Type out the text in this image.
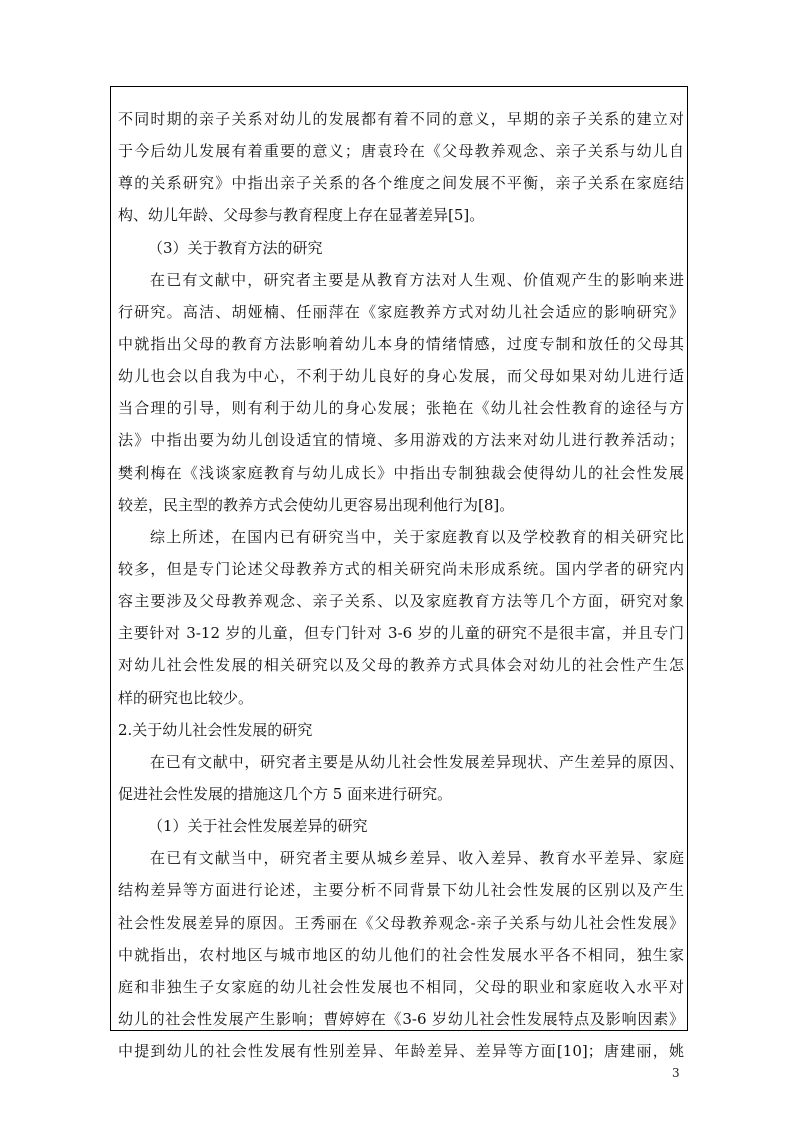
不同时期的亲子关系对幼儿的发展都有着不同的意义，早期的亲子关系的建立对
于今后幼儿发展有着重要的意义；唐袁玲在《父母教养观念、亲子关系与幼儿自
尊的关系研究》中指出亲子关系的各个维度之间发展不平衡，亲子关系在家庭结
构、幼儿年龄、父母参与教育程度上存在显著差异[5]。
（3）关于教育方法的研究
在已有文献中，研究者主要是从教育方法对人生观、价值观产生的影响来进
行研究。高洁、胡娅楠、任丽萍在《家庭教养方式对幼儿社会适应的影响研究》
中就指出父母的教育方法影响着幼儿本身的情绪情感，过度专制和放任的父母其
幼儿也会以自我为中心，不利于幼儿良好的身心发展，而父母如果对幼儿进行适
当合理的引导，则有利于幼儿的身心发展；张艳在《幼儿社会性教育的途径与方
法》中指出要为幼儿创设适宜的情境、多用游戏的方法来对幼儿进行教养活动；
樊利梅在《浅谈家庭教育与幼儿成长》中指出专制独裁会使得幼儿的社会性发展
较差，民主型的教养方式会使幼儿更容易出现利他行为[8]。
综上所述，在国内已有研究当中，关于家庭教育以及学校教育的相关研究比
较多，但是专门论述父母教养方式的相关研究尚未形成系统。国内学者的研究内
容主要涉及父母教养观念、亲子关系、以及家庭教育方法等几个方面，研究对象
主要针对 3-12 岁的儿童，但专门针对 3-6 岁的儿童的研究不是很丰富，并且专门
对幼儿社会性发展的相关研究以及父母的教养方式具体会对幼儿的社会性产生怎
样的研究也比较少。
2.关于幼儿社会性发展的研究
在已有文献中，研究者主要是从幼儿社会性发展差异现状、产生差异的原因、
促进社会性发展的措施这几个方 5 面来进行研究。
（1）关于社会性发展差异的研究
在已有文献当中，研究者主要从城乡差异、收入差异、教育水平差异、家庭
结构差异等方面进行论述，主要分析不同背景下幼儿社会性发展的区别以及产生
社会性发展差异的原因。王秀丽在《父母教养观念-亲子关系与幼儿社会性发展》
中就指出，农村地区与城市地区的幼儿他们的社会性发展水平各不相同，独生家
庭和非独生子女家庭的幼儿社会性发展也不相同，父母的职业和家庭收入水平对
幼儿的社会性发展产生影响；曹婷婷在《3-6 岁幼儿社会性发展特点及影响因素》
中提到幼儿的社会性发展有性别差异、年龄差异、差异等方面[10]；唐建丽，姚
3
